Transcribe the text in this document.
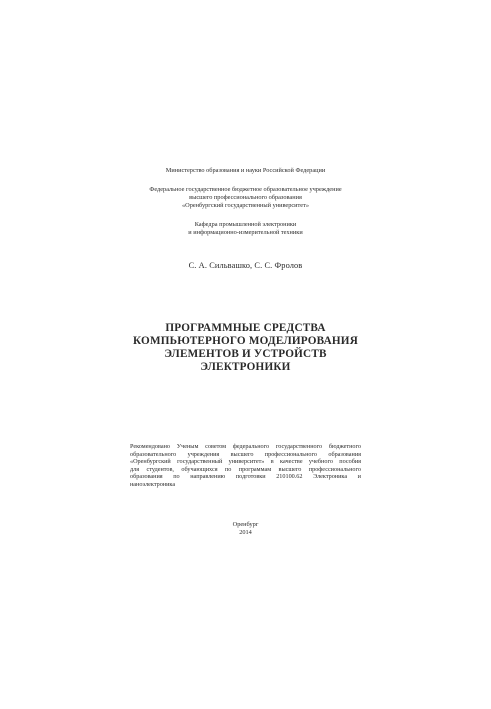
Министерство образования и науки Российской Федерации
Федеральное государственное бюджетное образовательное учреждение
высшего профессионального образования
«Оренбургский государственный университет»
Кафедра промышленной электроники
и информационно-измерительной техники
С. А. Сильвашко, С. С. Фролов
ПРОГРАММНЫЕ СРЕДСТВА
КОМПЬЮТЕРНОГО МОДЕЛИРОВАНИЯ
ЭЛЕМЕНТОВ И УСТРОЙСТВ
ЭЛЕКТРОНИКИ
Рекомендовано Ученым советом федерального государственного бюджетного
образовательного учреждения высшего профессионального образования
«Оренбургский государственный университет» в качестве учебного пособия
для студентов, обучающихся по программам высшего профессионального
образования по направлению подготовки 210100.62 Электроника и
наноэлектроника
Оренбург
2014
